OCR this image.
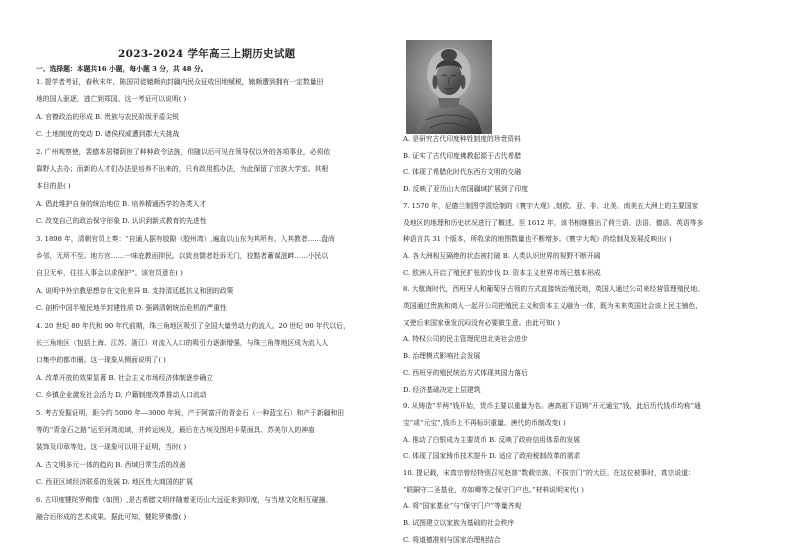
2023-2024 学年高三上期历史试题
一、选择题：本题共16 小题，每小题 3 分，共 48 分。
1. 提学者考证，春秋末年，陈国司徒辕颇向封疆内民众征收田地赋税，辕颇遭到拥有一定数量田
地的国人驱逐，逃亡到郑国。这一考证可以说明( )
A. 官僚政治的形成 B. 贵族与农民阶级矛盾尖锐
C. 土地制度的变动 D. 诸侯权威遭到郡大夫挑战
2. 广州观察使，裴德本居楼荫宦了种种政令法旌，但随以后可见在领导权以外的各项事业，必须依
靠野人去办；而新的人才们办法是培养不出来的，只有政用抓办法，为此保留了宗族大学室。其根
本目的是( )
A. 倡此维护自身的统治地位 B. 培养精通西学的各类人才
C. 改变自己的政治保守形象 D. 认识到新式教育的先进性
3. 1898 年，清朝官员上奏：“自通人据有胶隙（胶州湾）,遍直以山东为其所有。入其教者……盘尚
乡邻，无所不至。地方官……一味庇教而抑民。以致良懦者赴诉无门，狡黠者蓄谋滋衅……小民以
自卫无牟，往往人事会以求保护”。该官员意在( )
A. 说明中外宗教思想存在文化差异 B. 支持清廷抵抗义和团的政策
C. 剖析中国半殖民地半封建性质 D. 强调清朝统治危机的严重性
4. 20 世纪 80 年代和 90 年代前期，珠三角地区吸引了全国大量劳动力的流入。20 世纪 90 年代以后，
长三角地区（包括上海、江苏、浙江）对流入人口的吸引力逐渐增强，与珠三角等地区成为流入人
口集中的都市圈。这一现象从侧面说明了( )
A. 改革开放的效果显著 B. 社会主义市场经济体制逐步确立
C. 乡镇企业激发社会活力 D. 户籍制度改革推动人口流动
5. 考古发掘证明，距今约 5000 年—3000 年间，产于阿富汗的青金石（一种蓝宝石）和产于新疆和田
等的“青金石之路”运至河湾流域，并转运埃及，最后在古埃及图坦卡蒙面具、苏美尔人的神庙
装饰及印章等处。这一现象可以用于证明，当时( )
A. 古文明多元一体的趋向 B. 西域日常生活的改善
C. 西亚区域经济联系的发展 D. 地区性大商国的扩展
6. 古印度犍陀罗佛像（如图）,是古希腊文明伴随着亚历山大远征来到印度，与当地文化相互碰撞、
融合后形成的艺术成果。据此可知，犍陀罗佛像( )
A. 是研究古代印度种姓制度的珍贵资料
B. 证实了古代印度佛教起源于古代希腊
C. 体现了希腊化时代东西方文明的交融
D. 反映了亚历山大帝国疆域扩展到了印度
7. 1570 年，尼德兰制图学派绘制的《寰宇大观》,刻欧、亚、非、北美、南美五大洲上的主要国家
及地区的地理和历史状况进行了概述。至 1612 年，该书相继推出了荷兰语、法语、德语、英语等多
种语言共 31 个版本，所收录的地图数量也不断增多。《寰宇大观》的绘制及发展反映出( )
A. 各大洲相互隔绝的状态被打破 B. 人类认识世界的视野不断开阔
C. 欧洲人开启了殖民扩张的步伐 D. 资本主义世界市场已基本形成
8. 大航海时代，西班牙人和葡萄牙占领的方式直接统治殖民地，英国人通过公司来经营管理殖民地。
英国通过贵族和商人一起开公司把殖民主义和资本主义融为一体，既为未来英国社会该上民主铺色，
又使后来国家垂发沉闷没有必要做生意。由此可知( )
A. 特权公司的民主管理促进北美社会进步
B. 治理模式影响社会发展
C. 西班牙的殖民统治方式体现其国力落后
D. 经济基础决定上层建筑
9. 从铸造“半两”钱开始，货币主要以重量为名。唐高祖下诏铸“开元通宝”钱，此后历代钱币均称“通
宝”或“元宝”,钱币上不再标识重量。唐代的币制改变( )
A. 推动了白银成为主要货币 B. 反映了政府信用体系的发展
C. 体现了国家铸币技术提升 D. 适应了政府税制改革的需求
10. 提记载，宋真宗曾经特别召见赵普“数载宗族、不拔宗门”的大臣。在这位被事时，真宗说道：
“联嗣守二圣基业，亦如卿等之保守门户也。”材料说明宋代( )
A. 将“国家基业”与“保守门户”等量齐观
B. 试图建立以家族为基础的社会秩序
C. 将道德准则与国家治理相结合
